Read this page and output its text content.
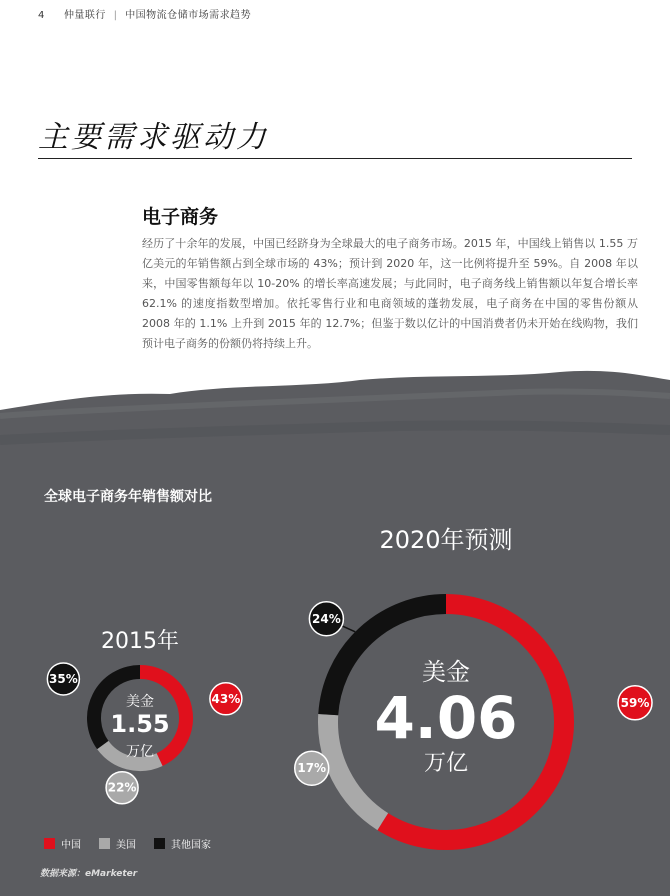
4 仲量联行 | 中国物流仓储市场需求趋势
主要需求驱动力
电子商务
经历了十余年的发展，中国已经跻身为全球最大的电子商务市场。2015 年，中国线上销售以 1.55 万亿美元的年销售额占到全球市场的 43%；预计到 2020 年，这一比例将提升至 59%。自 2008 年以来，中国零售额每年以 10-20% 的增长率高速发展；与此同时，电子商务线上销售额以年复合增长率 62.1% 的速度指数型增加。依托零售行业和电商领域的蓬勃发展，电子商务在中国的零售份额从 2008 年的 1.1% 上升到 2015 年的 12.7%；但鉴于数以亿计的中国消费者仍未开始在线购物，我们预计电子商务的份额仍将持续上升。
全球电子商务年销售额对比
2015年
美金
1.55
万亿
43%
22%
35%
2020年预测
美金
4.06
万亿
59%
17%
24%
中国	美国	其他国家
数据来源：eMarketer
